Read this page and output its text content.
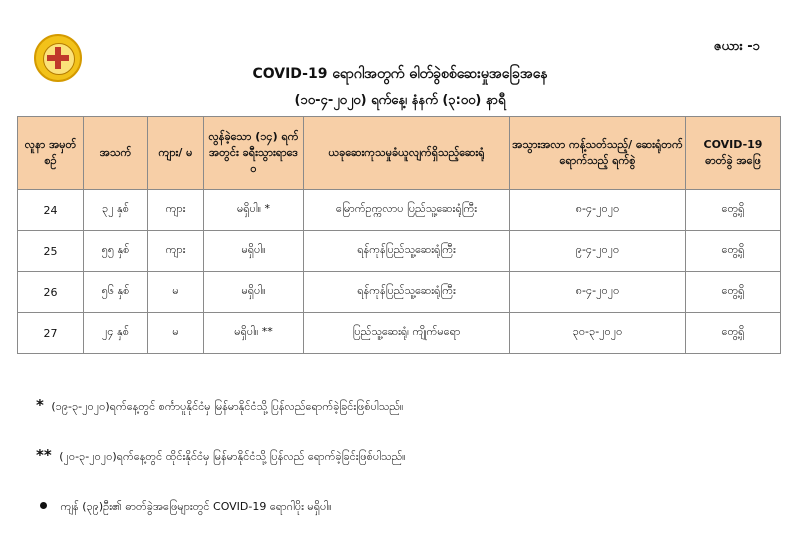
ဇယား -၁
COVID-19 ရောဂါအတွက် ဓါတ်ခွဲစစ်ဆေးမှုအခြေအနေ
(၁၀-၄-၂၀၂၀) ရက်နေ့၊ နံနက် (၃:၀၀) နာရီ
လူနာ အမှတ်စဉ်	အသက်	ကျား/ မ	လွန်ခဲ့သော (၁၄) ရက်အတွင်း ခရီးသွားရာဒေဝ	ယခုဆေးကုသမှုခံယူလျက်ရှိသည့်ဆေးရုံ	အသွားအလာ ကန့်သတ်သည့်/ ဆေးရုံတက်ရောက်သည့် ရက်စွဲ	COVID-19 ဓာတ်ခွဲ အဖြေ
24	၃၂ နှစ်	ကျား	မရှိပါ။ *	မြောက်ဥက္ကလာပ ပြည်သူ့ဆေးရုံကြီး	၈-၄-၂၀၂၀	တွေ့ရှိ
25	၅၅ နှစ်	ကျား	မရှိပါ။	ရန်ကုန်ပြည်သူ့ဆေးရုံကြီး	၉-၄-၂၀၂၀	တွေ့ရှိ
26	၅၆ နှစ်	မ	မရှိပါ။	ရန်ကုန်ပြည်သူ့ဆေးရုံကြီး	၈-၄-၂၀၂၀	တွေ့ရှိ
27	၂၄ နှစ်	မ	မရှိပါ။ **	ပြည်သူ့ဆေးရုံ၊ ကျိုက်မရော	၃၀-၃-၂၀၂၀	တွေ့ရှိ
* (၁၉-၃-၂၀၂၀)ရက်နေ့တွင် စင်္ကာပူနိုင်ငံမှ မြန်မာနိုင်ငံသို့ ပြန်လည်ရောက်ခဲ့ခြင်းဖြစ်ပါသည်။
** (၂၀-၃-၂၀၂၀)ရက်နေ့တွင် ထိုင်းနိုင်ငံမှ မြန်မာနိုင်ငံသို့ ပြန်လည် ရောက်ခဲ့ခြင်းဖြစ်ပါသည်။
ကျန် (၃၉)ဦး၏ ဓာတ်ခွဲအဖြေများတွင် COVID-19 ရောဂါပိုး မရှိပါ။
